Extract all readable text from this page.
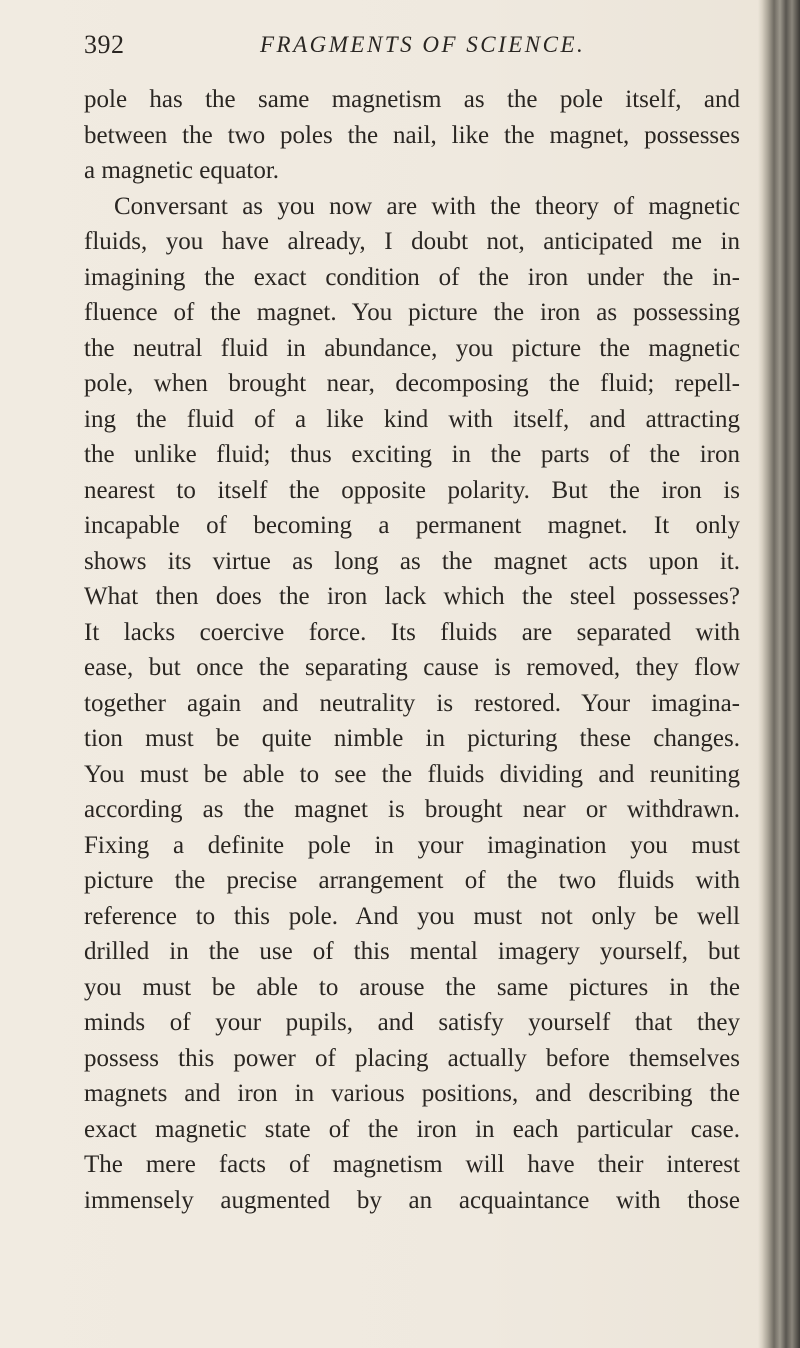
392	FRAGMENTS OF SCIENCE.
pole has the same magnetism as the pole itself, and
between the two poles the nail, like the magnet, possesses
a magnetic equator.
Conversant as you now are with the theory of magnetic
fluids, you have already, I doubt not, anticipated me in
imagining the exact condition of the iron under the in-
fluence of the magnet. You picture the iron as possessing
the neutral fluid in abundance, you picture the magnetic
pole, when brought near, decomposing the fluid; repell-
ing the fluid of a like kind with itself, and attracting
the unlike fluid; thus exciting in the parts of the iron
nearest to itself the opposite polarity. But the iron is
incapable of becoming a permanent magnet. It only
shows its virtue as long as the magnet acts upon it.
What then does the iron lack which the steel possesses?
It lacks coercive force. Its fluids are separated with
ease, but once the separating cause is removed, they flow
together again and neutrality is restored. Your imagina-
tion must be quite nimble in picturing these changes.
You must be able to see the fluids dividing and reuniting
according as the magnet is brought near or withdrawn.
Fixing a definite pole in your imagination you must
picture the precise arrangement of the two fluids with
reference to this pole. And you must not only be well
drilled in the use of this mental imagery yourself, but
you must be able to arouse the same pictures in the
minds of your pupils, and satisfy yourself that they
possess this power of placing actually before themselves
magnets and iron in various positions, and describing the
exact magnetic state of the iron in each particular case.
The mere facts of magnetism will have their interest
immensely augmented by an acquaintance with those
